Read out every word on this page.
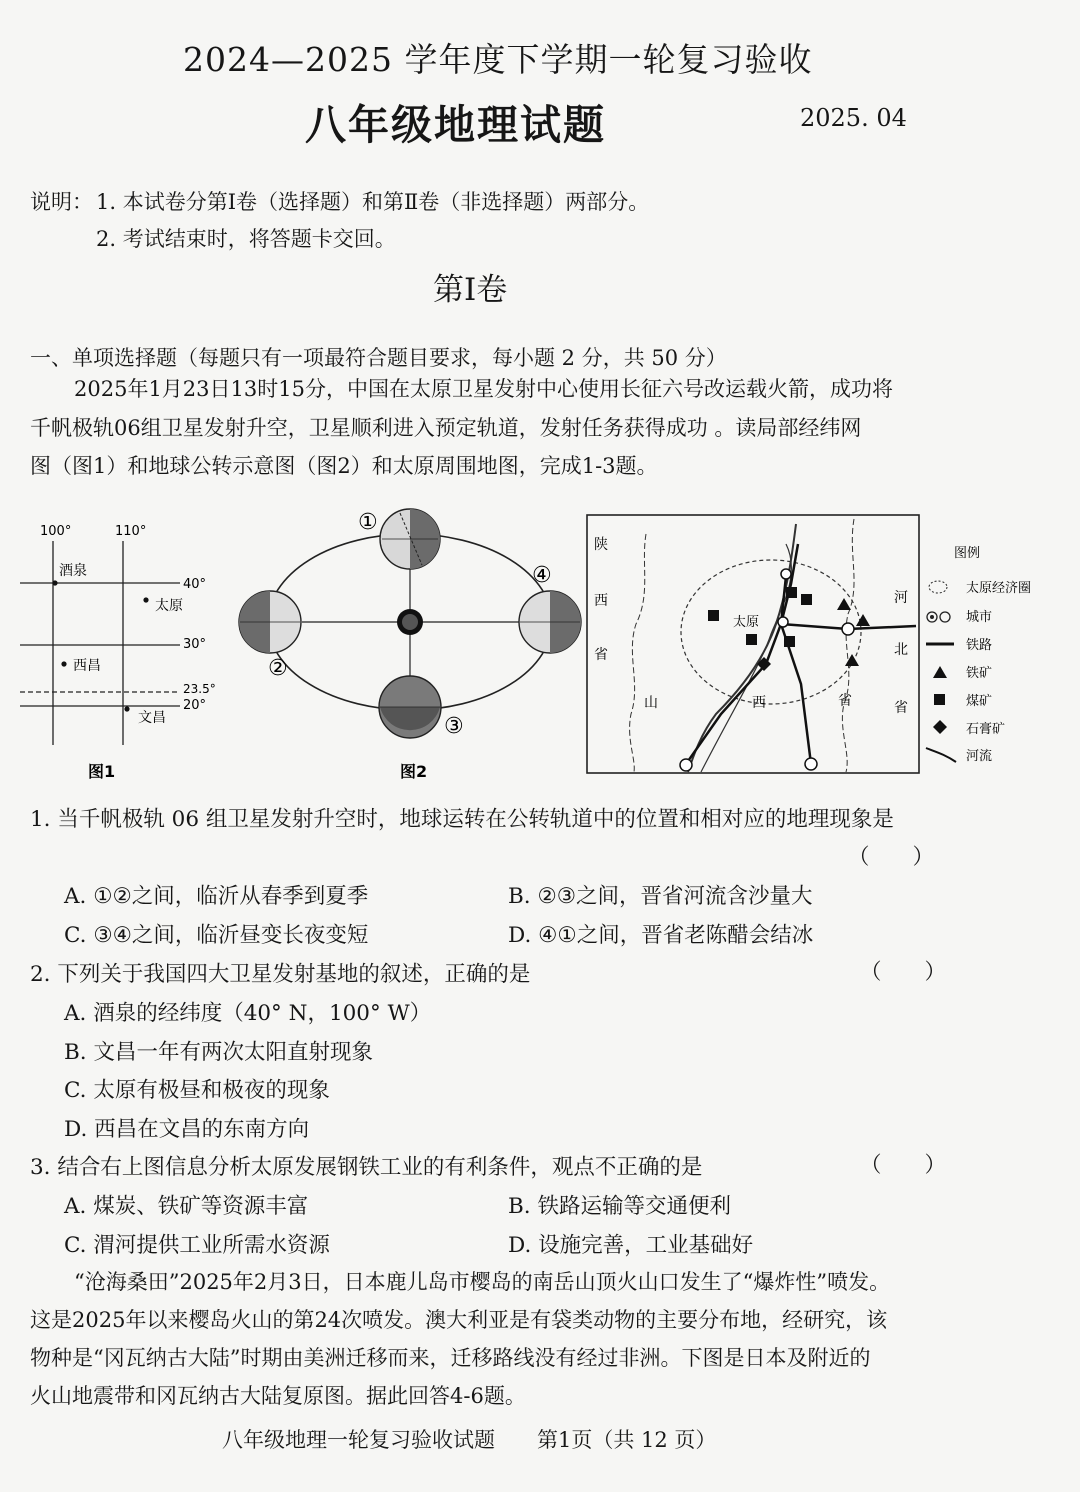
2024—2025 学年度下学期一轮复习验收
八年级地理试题	2025. 04
说明： 1. 本试卷分第Ⅰ卷（选择题）和第Ⅱ卷（非选择题）两部分。
2. 考试结束时，将答题卡交回。
第Ⅰ卷
一、单项选择题（每题只有一项最符合题目要求，每小题 2 分，共 50 分）
2025年1月23日13时15分，中国在太原卫星发射中心使用长征六号改运载火箭，成功将
千帆极轨06组卫星发射升空，卫星顺利进入预定轨道，发射任务获得成功 。读局部经纬网
图（图1）和地球公转示意图（图2）和太原周围地图，完成1-3题。
100°	110°
40°
30°
23.5°
20°
酒泉
太原
西昌
文昌
图1
①
②
③
④
图2
太原
陕
西
省
山	西	省
河
北
省
图例
太原经济圈
城市
铁路
铁矿
煤矿
石膏矿
河流
1. 当千帆极轨 06 组卫星发射升空时，地球运转在公转轨道中的位置和相对应的地理现象是
（　　）
A. ①②之间，临沂从春季到夏季	B. ②③之间，晋省河流含沙量大
C. ③④之间，临沂昼变长夜变短	D. ④①之间，晋省老陈醋会结冰
2. 下列关于我国四大卫星发射基地的叙述，正确的是	（　　）
A. 酒泉的经纬度（40° N，100° W）
B. 文昌一年有两次太阳直射现象
C. 太原有极昼和极夜的现象
D. 西昌在文昌的东南方向
3. 结合右上图信息分析太原发展钢铁工业的有利条件，观点不正确的是	（　　）
A. 煤炭、铁矿等资源丰富	B. 铁路运输等交通便利
C. 渭河提供工业所需水资源	D. 设施完善，工业基础好
“沧海桑田”2025年2月3日，日本鹿儿岛市樱岛的南岳山顶火山口发生了“爆炸性”喷发。
这是2025年以来樱岛火山的第24次喷发。澳大利亚是有袋类动物的主要分布地，经研究，该
物种是“冈瓦纳古大陆”时期由美洲迁移而来，迁移路线没有经过非洲。下图是日本及附近的
火山地震带和冈瓦纳古大陆复原图。据此回答4-6题。
八年级地理一轮复习验收试题　　第1页（共 12 页）
